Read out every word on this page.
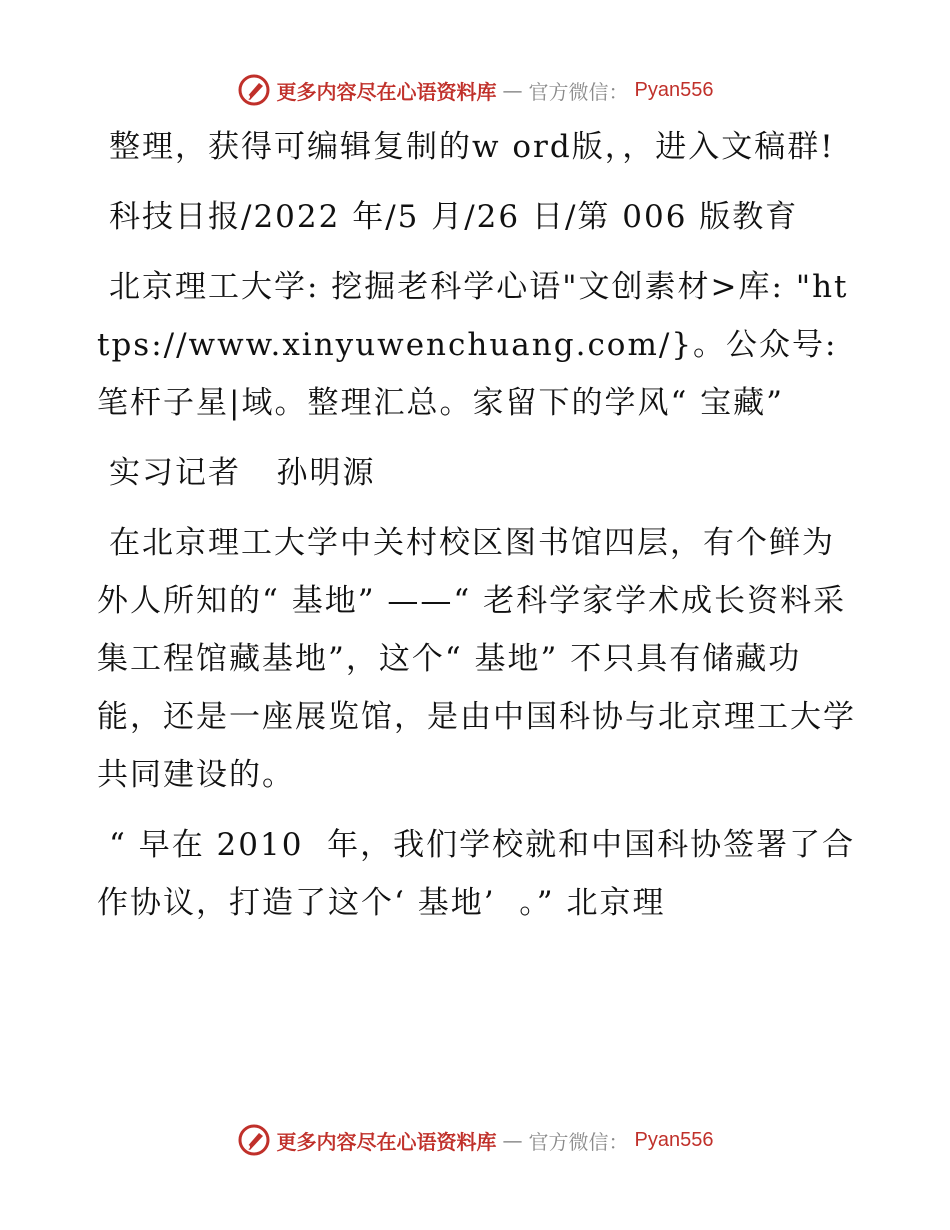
更多内容尽在心语资料库 — 官方微信： Pyan556

整理，获得可编辑复制的w ord版，，进入文稿群!

科技日报/2022 年/5 月/26 日/第 006 版教育

北京理工大学: 挖掘老科学心语"文创素材>库: "https://www.xinyuwenchuang.com/}。公众号: 笔杆子星|域。整理汇总。家留下的学风“ 宝藏”

实习记者   孙明源

在北京理工大学中关村校区图书馆四层，有个鲜为外人所知的“ 基地” ——“ 老科学家学术成长资料采集工程馆藏基地”，这个“ 基地” 不只具有储藏功能，还是一座展览馆，是由中国科协与北京理工大学共同建设的。

“ 早在 2010  年，我们学校就和中国科协签署了合作协议，打造了这个‘ 基地’  。” 北京理

更多内容尽在心语资料库 — 官方微信： Pyan556
